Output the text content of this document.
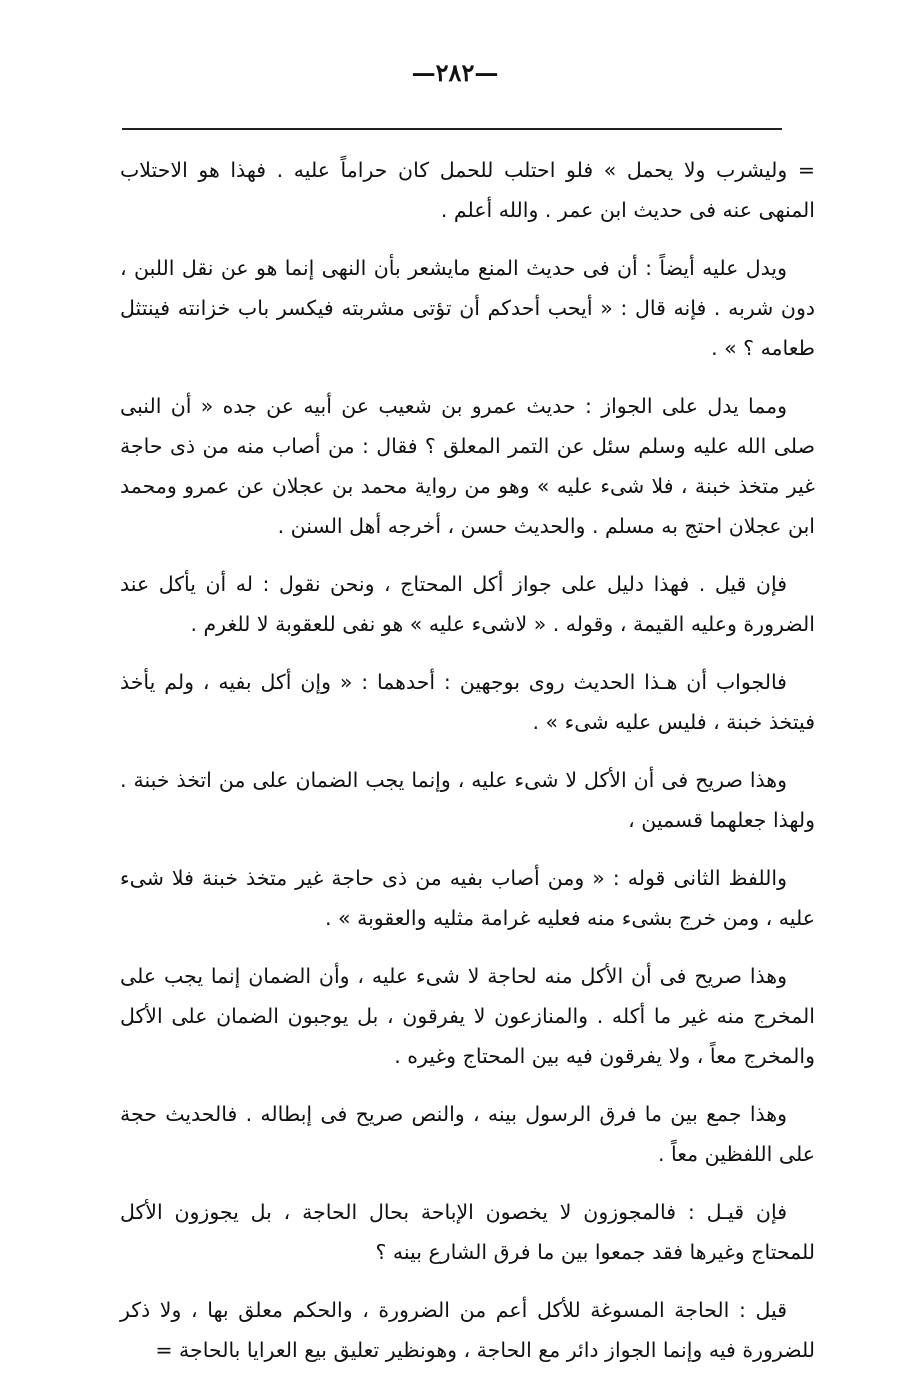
—٢٨٢—

= وليشرب ولا يحمل » فلو احتلب للحمل كان حراماً عليه . فهذا هو الاحتلاب المنهى عنه فى حديث ابن عمر . والله أعلم .

ويدل عليه أيضاً : أن فى حديث المنع مايشعر بأن النهى إنما هو عن نقل اللبن ، دون شربه . فإنه قال : « أيحب أحدكم أن تؤتى مشربته فيكسر باب خزانته فينتثل طعامه ؟ » .

ومما يدل على الجواز : حديث عمرو بن شعيب عن أبيه عن جده « أن النبى صلى الله عليه وسلم سئل عن التمر المعلق ؟ فقال : من أصاب منه من ذى حاجة غير متخذ خبنة ، فلا شىء عليه » وهو من رواية محمد بن عجلان عن عمرو ومحمد ابن عجلان احتج به مسلم . والحديث حسن ، أخرجه أهل السنن .

فإن قيل . فهذا دليل على جواز أكل المحتاج ، ونحن نقول : له أن يأكل عند الضرورة وعليه القيمة ، وقوله . « لاشىء عليه » هو نفى للعقوبة لا للغرم .

فالجواب أن هـذا الحديث روى بوجهين : أحدهما : « وإن أكل بفيه ، ولم يأخذ فيتخذ خبنة ، فليس عليه شىء » .

وهذا صريح فى أن الأكل لا شىء عليه ، وإنما يجب الضمان على من اتخذ خبنة . ولهذا جعلهما قسمين ،

واللفظ الثانى قوله : « ومن أصاب بفيه من ذى حاجة غير متخذ خبنة فلا شىء عليه ، ومن خرج بشىء منه فعليه غرامة مثليه والعقوبة » .

وهذا صريح فى أن الأكل منه لحاجة لا شىء عليه ، وأن الضمان إنما يجب على المخرج منه غير ما أكله . والمنازعون لا يفرقون ، بل يوجبون الضمان على الأكل والمخرج معاً ، ولا يفرقون فيه بين المحتاج وغيره .

وهذا جمع بين ما فرق الرسول بينه ، والنص صريح فى إبطاله . فالحديث حجة على اللفظين معاً .

فإن قيـل : فالمجوزون لا يخصون الإباحة بحال الحاجة ، بل يجوزون الأكل للمحتاج وغيرها فقد جمعوا بين ما فرق الشارع بينه ؟

قيل : الحاجة المسوغة للأكل أعم من الضرورة ، والحكم معلق بها ، ولا ذكر للضرورة فيه وإنما الجواز دائر مع الحاجة ، وهونظير تعليق بيع العرايا بالحاجة =
